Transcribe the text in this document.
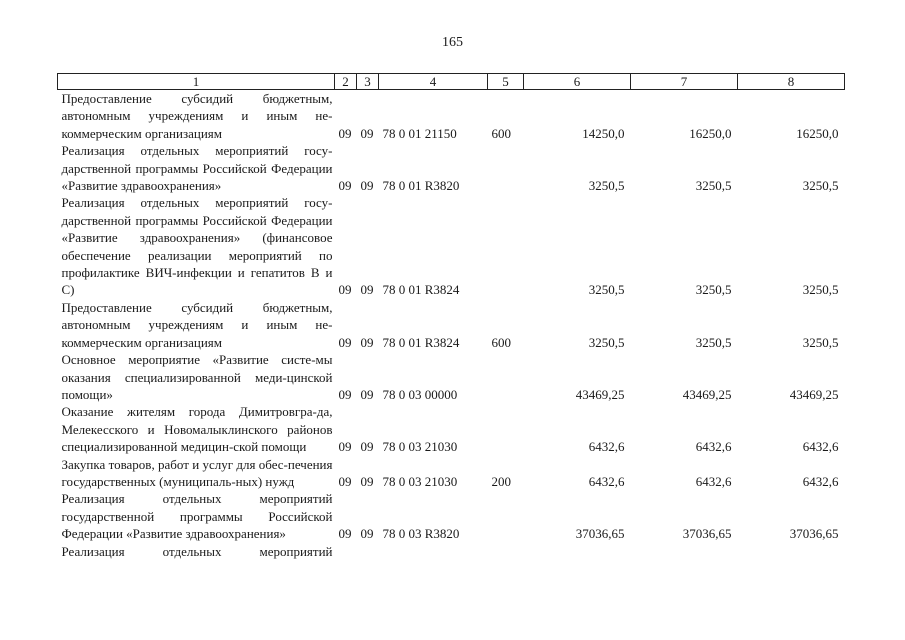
165
1	2	3	4	5	6	7	8
Предоставление субсидий бюджетным, автономным учреждениям и иным не-коммерческим организациям	09	09	78 0 01 21150	600	14250,0	16250,0	16250,0
Реализация отдельных мероприятий госу-дарственной программы Российской Федерации «Развитие здравоохранения»	09	09	78 0 01 R3820		3250,5	3250,5	3250,5
Реализация отдельных мероприятий госу-дарственной программы Российской Федерации «Развитие здравоохранения» (финансовое обеспечение реализации мероприятий по профилактике ВИЧ-инфекции и гепатитов B и C)	09	09	78 0 01 R3824		3250,5	3250,5	3250,5
Предоставление субсидий бюджетным, автономным учреждениям и иным не-коммерческим организациям	09	09	78 0 01 R3824	600	3250,5	3250,5	3250,5
Основное мероприятие «Развитие систе-мы оказания специализированной меди-цинской помощи»	09	09	78 0 03 00000		43469,25	43469,25	43469,25
Оказание жителям города Димитровгра-да, Мелекесского и Новомалыклинского районов специализированной медицин-ской помощи	09	09	78 0 03 21030		6432,6	6432,6	6432,6
Закупка товаров, работ и услуг для обес-печения государственных (муниципаль-ных) нужд	09	09	78 0 03 21030	200	6432,6	6432,6	6432,6
Реализация отдельных мероприятий государственной программы Российской Федерации «Развитие здравоохранения»	09	09	78 0 03 R3820		37036,65	37036,65	37036,65
Реализация отдельных мероприятий							
